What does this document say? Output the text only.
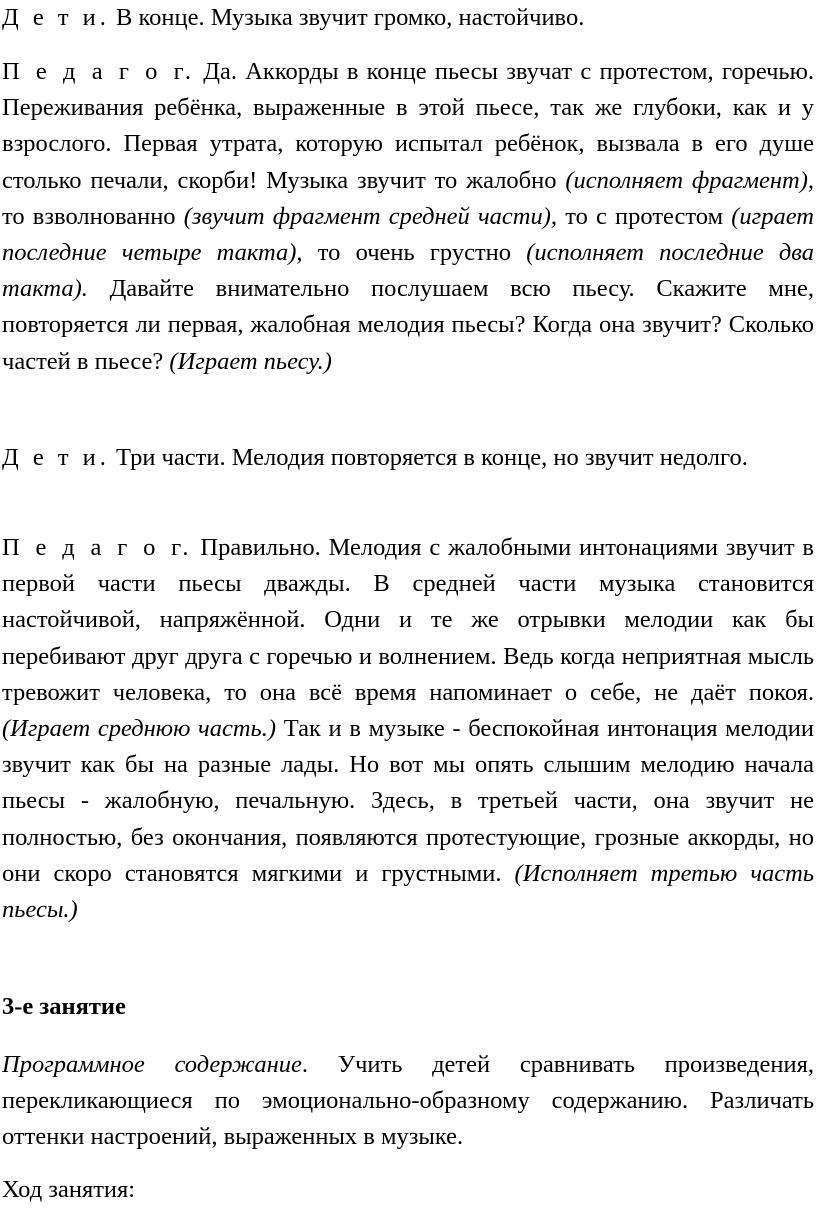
Д е т и. В конце. Музыка звучит громко, настойчиво.

П е д а г о г. Да. Аккорды в конце пьесы звучат с протестом, горечью. Переживания ребёнка, выраженные в этой пьесе, так же глубоки, как и у взрослого. Первая утрата, которую испытал ребёнок, вызвала в его душе столько печали, скорби! Музыка звучит то жалобно (исполняет фрагмент), то взволнованно (звучит фрагмент средней части), то с протестом (играет последние четыре такта), то очень грустно (исполняет последние два такта). Давайте внимательно послушаем всю пьесу. Скажите мне, повторяется ли первая, жалобная мелодия пьесы? Когда она звучит? Сколько частей в пьесе? (Играет пьесу.)

Д е т и. Три части. Мелодия повторяется в конце, но звучит недолго.

П е д а г о г. Правильно. Мелодия с жалобными интонациями звучит в первой части пьесы дважды. В средней части музыка становится настойчивой, напряжённой. Одни и те же отрывки мелодии как бы перебивают друг друга с горечью и волнением. Ведь когда неприятная мысль тревожит человека, то она всё время напоминает о себе, не даёт покоя. (Играет среднюю часть.) Так и в музыке - беспокойная интонация мелодии звучит как бы на разные лады. Но вот мы опять слышим мелодию начала пьесы - жалобную, печальную. Здесь, в третьей части, она звучит не полностью, без окончания, появляются протестующие, грозные аккорды, но они скоро становятся мягкими и грустными. (Исполняет третью часть пьесы.)

3-е занятие

Программное содержание. Учить детей сравнивать произведения, перекликающиеся по эмоционально-образному содержанию. Различать оттенки настроений, выраженных в музыке.

Ход занятия:
